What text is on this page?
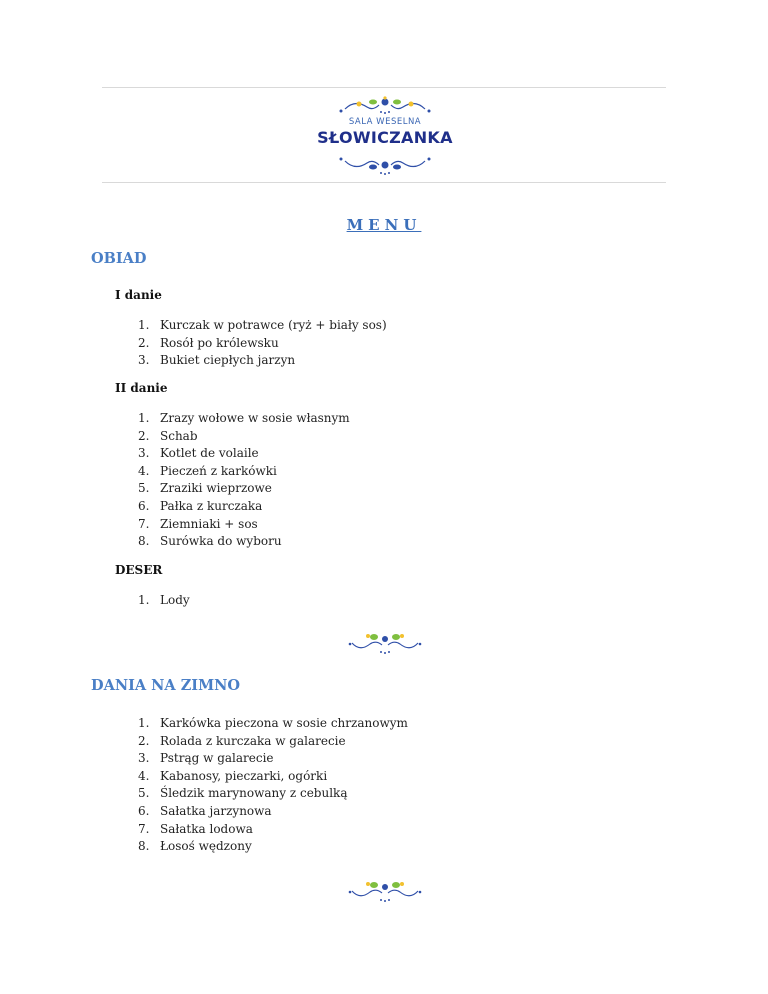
SALA WESELNA
SŁOWICZANKA
MENU
OBIAD
I danie
1. Kurczak w potrawce (ryż + biały sos)
2. Rosół po królewsku
3. Bukiet ciepłych jarzyn
II danie
1. Zrazy wołowe w sosie własnym
2. Schab
3. Kotlet de volaile
4. Pieczeń z karkówki
5. Zraziki wieprzowe
6. Pałka z kurczaka
7. Ziemniaki + sos
8. Surówka do wyboru
DESER
1. Lody
DANIA NA ZIMNO
1. Karkówka pieczona w sosie chrzanowym
2. Rolada z kurczaka w galarecie
3. Pstrąg w galarecie
4. Kabanosy, pieczarki, ogórki
5. Śledzik marynowany z cebulką
6. Sałatka jarzynowa
7. Sałatka lodowa
8. Łosoś wędzony
